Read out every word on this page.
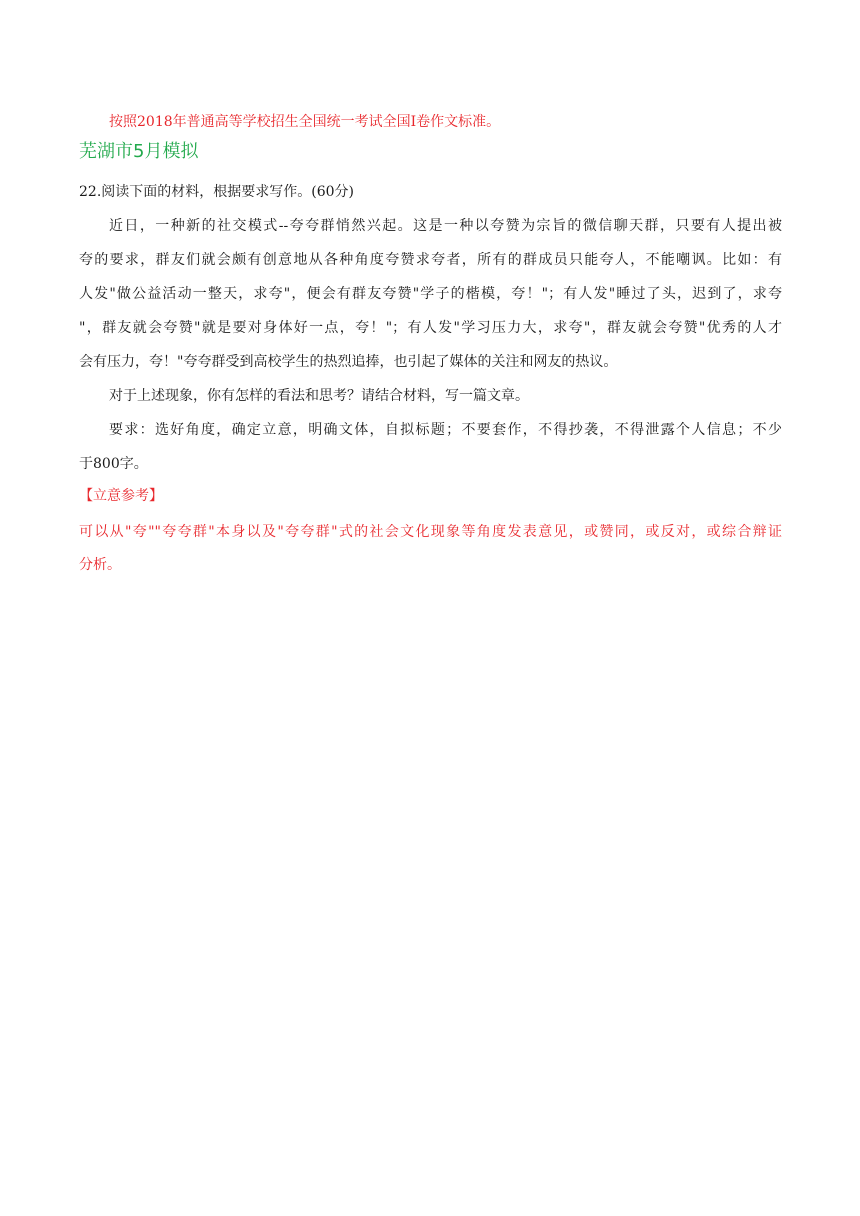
按照2018年普通高等学校招生全国统一考试全国Ⅰ卷作文标准。
芜湖市5月模拟
22.阅读下面的材料，根据要求写作。(60分)
近日，一种新的社交模式--夸夸群悄然兴起。这是一种以夸赞为宗旨的微信聊天群，只要有人提出被
夸的要求，群友们就会颇有创意地从各种角度夸赞求夸者，所有的群成员只能夸人，不能嘲讽。比如：有
人发"做公益活动一整天，求夸"，便会有群友夸赞"学子的楷模，夸！"；有人发"睡过了头，迟到了，求夸
"，群友就会夸赞"就是要对身体好一点，夸！"；有人发"学习压力大，求夸"，群友就会夸赞"优秀的人才
会有压力，夸！"夸夸群受到高校学生的热烈追捧，也引起了媒体的关注和网友的热议。
对于上述现象，你有怎样的看法和思考？请结合材料，写一篇文章。
要求：选好角度，确定立意，明确文体，自拟标题；不要套作，不得抄袭，不得泄露个人信息；不少
于800字。
【立意参考】
可以从"夸""夸夸群"本身以及"夸夸群"式的社会文化现象等角度发表意见，或赞同，或反对，或综合辩证
分析。
